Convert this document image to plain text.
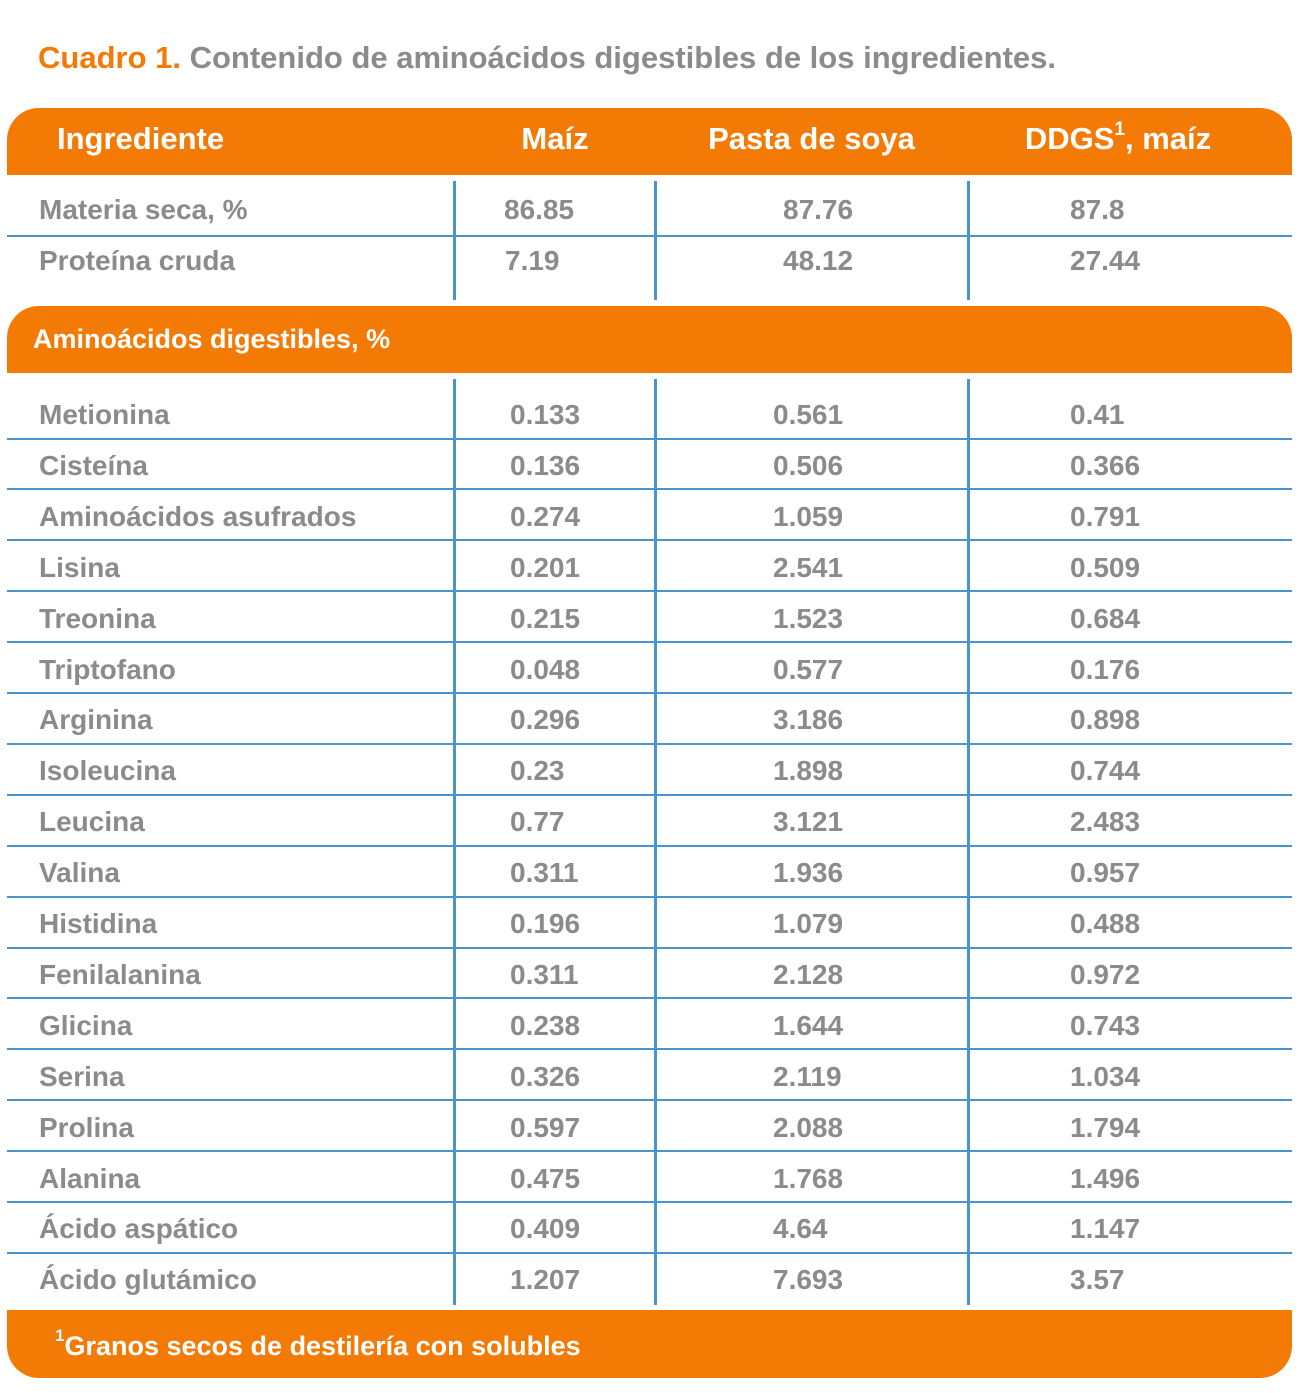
Cuadro 1. Contenido de aminoácidos digestibles de los ingredientes.
Ingrediente	Maíz	Pasta de soya	DDGS$^1$, maíz
Materia seca, %	86.85	87.76	87.8
Proteína cruda	7.19	48.12	27.44
Aminoácidos digestibles, %
Metionina	0.133	0.561	0.41
Cisteína	0.136	0.506	0.366
Aminoácidos asufrados	0.274	1.059	0.791
Lisina	0.201	2.541	0.509
Treonina	0.215	1.523	0.684
Triptofano	0.048	0.577	0.176
Arginina	0.296	3.186	0.898
Isoleucina	0.23	1.898	0.744
Leucina	0.77	3.121	2.483
Valina	0.311	1.936	0.957
Histidina	0.196	1.079	0.488
Fenilalanina	0.311	2.128	0.972
Glicina	0.238	1.644	0.743
Serina	0.326	2.119	1.034
Prolina	0.597	2.088	1.794
Alanina	0.475	1.768	1.496
Ácido aspático	0.409	4.64	1.147
Ácido glutámico	1.207	7.693	3.57
$^1$Granos secos de destilería con solubles
